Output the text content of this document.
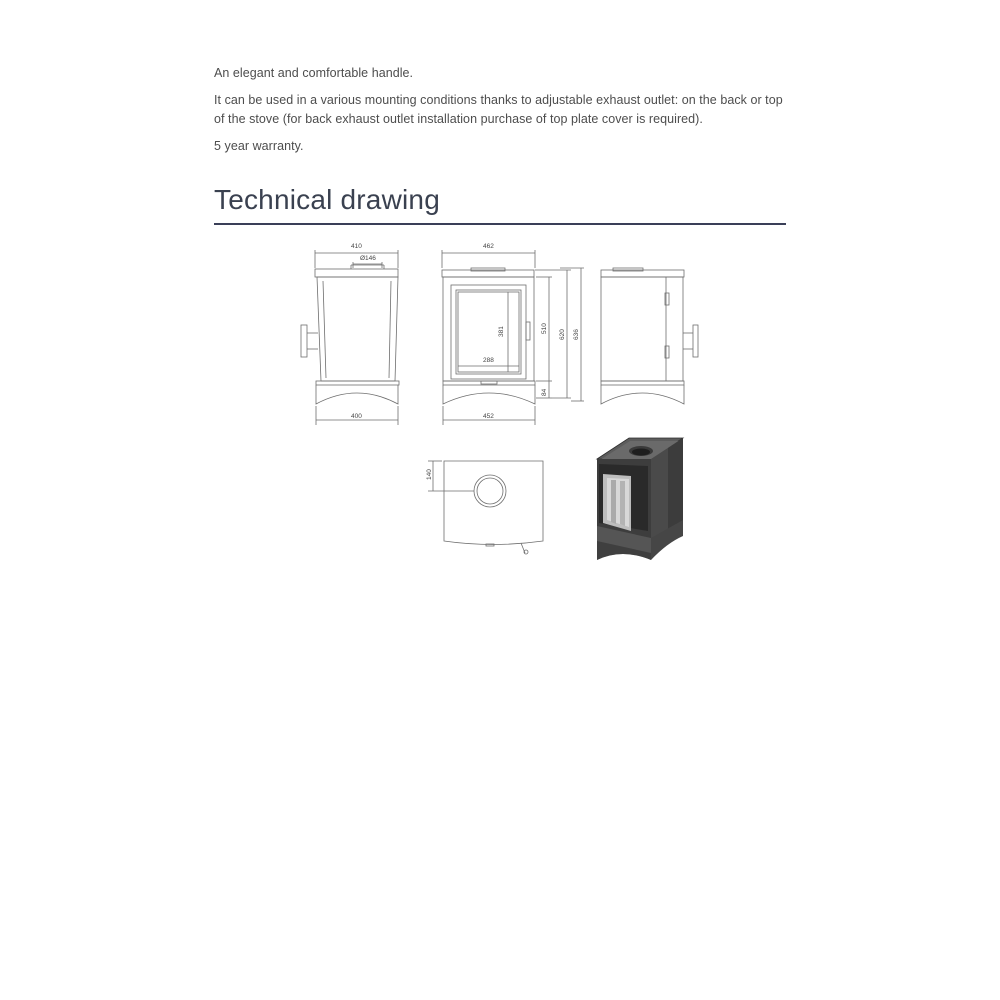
An elegant and comfortable handle.

It can be used in a various mounting conditions thanks to adjustable exhaust outlet: on the back or top of the stove (for back exhaust outlet installation purchase of top plate cover is required).

5 year warranty.

Technical drawing
410
Ø146
400
462
452
288
381	510
84
620 636
140
